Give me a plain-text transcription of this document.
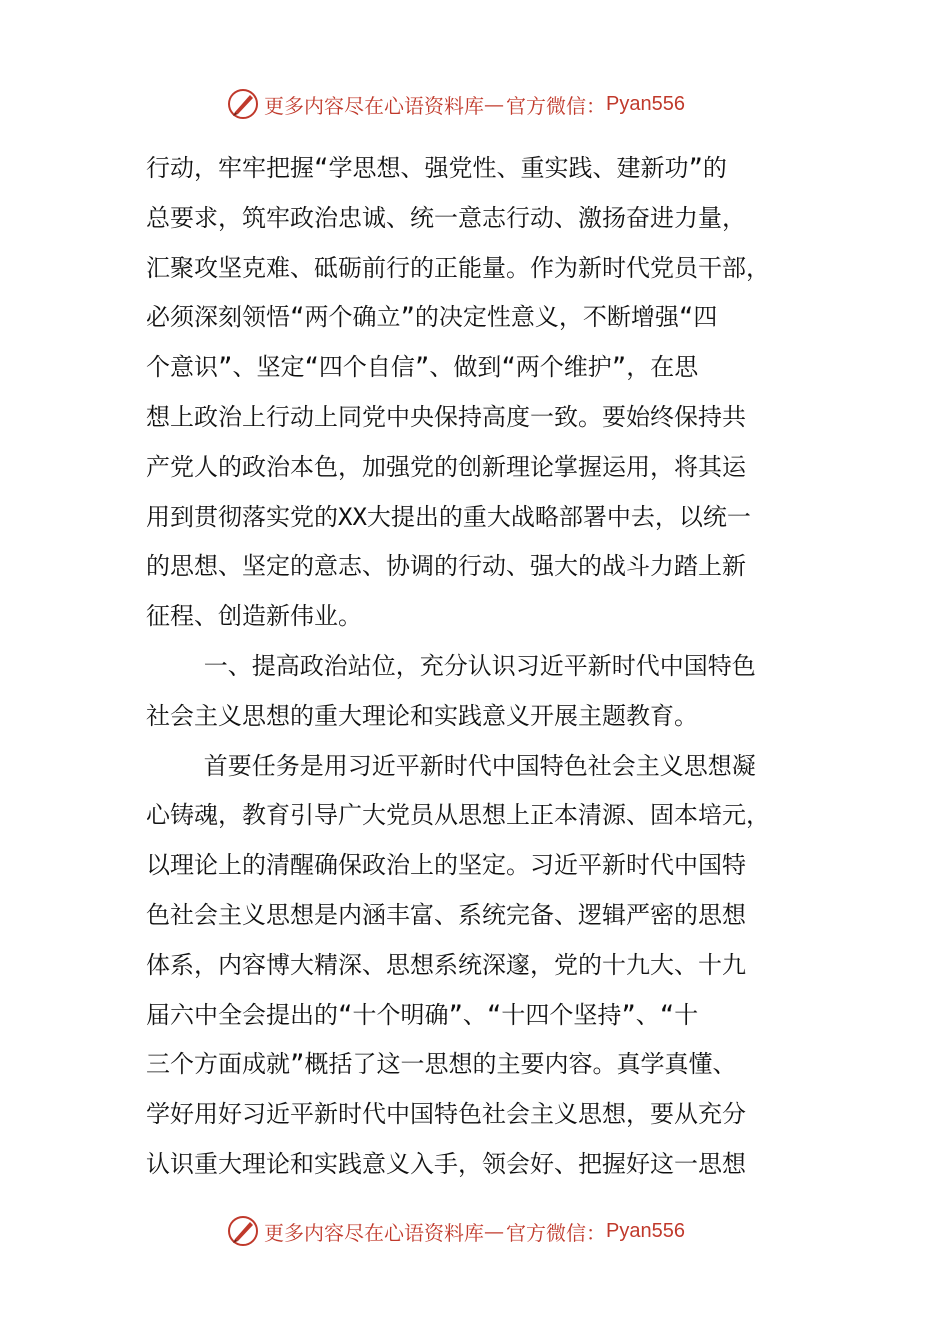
更多内容尽在心语资料库 — 官方微信： Pyan556
行动，牢牢把握“学思想、强党性、重实践、建新功”的
总要求，筑牢政治忠诚、统一意志行动、激扬奋进力量，
汇聚攻坚克难、砥砺前行的正能量。作为新时代党员干部，
必须深刻领悟“两个确立”的决定性意义，不断增强“四
个意识”、坚定“四个自信”、做到“两个维护”，在思
想上政治上行动上同党中央保持高度一致。要始终保持共
产党人的政治本色，加强党的创新理论掌握运用，将其运
用到贯彻落实党的XX大提出的重大战略部署中去，以统一
的思想、坚定的意志、协调的行动、强大的战斗力踏上新
征程、创造新伟业。
一、提高政治站位，充分认识习近平新时代中国特色
社会主义思想的重大理论和实践意义开展主题教育。
首要任务是用习近平新时代中国特色社会主义思想凝
心铸魂，教育引导广大党员从思想上正本清源、固本培元，
以理论上的清醒确保政治上的坚定。习近平新时代中国特
色社会主义思想是内涵丰富、系统完备、逻辑严密的思想
体系，内容博大精深、思想系统深邃，党的十九大、十九
届六中全会提出的“十个明确”、“十四个坚持”、“十
三个方面成就”概括了这一思想的主要内容。真学真懂、
学好用好习近平新时代中国特色社会主义思想，要从充分
认识重大理论和实践意义入手，领会好、把握好这一思想
更多内容尽在心语资料库 — 官方微信： Pyan556
